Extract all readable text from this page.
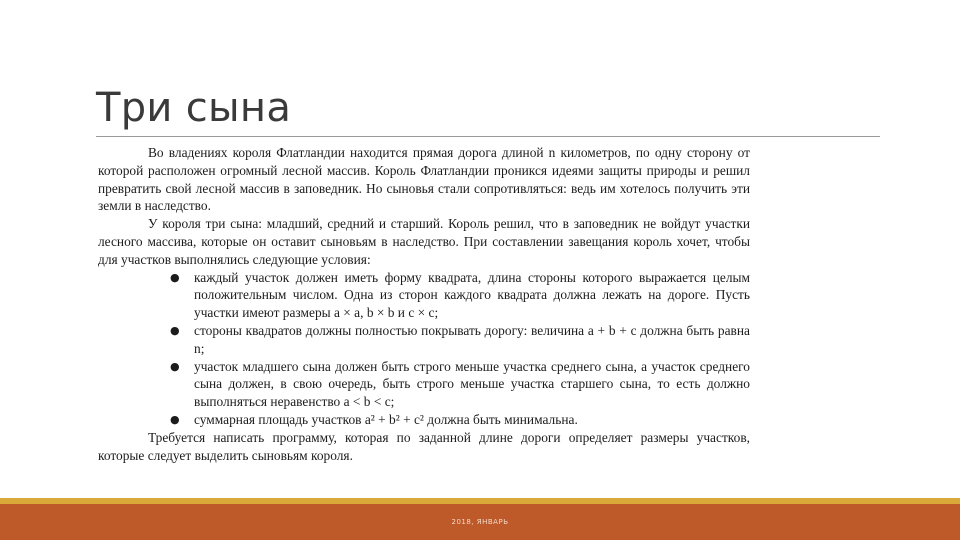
Три сына

Во владениях короля Флатландии находится прямая дорога длиной n километров, по одну сторону от которой расположен огромный лесной массив. Король Флатландии проникся идеями защиты природы и решил превратить свой лесной массив в заповедник. Но сыновья стали сопротивляться: ведь им хотелось получить эти земли в наследство.

У короля три сына: младший, средний и старший. Король решил, что в заповедник не войдут участки лесного массива, которые он оставит сыновьям в наследство. При составлении завещания король хочет, чтобы для участков выполнялись следующие условия:

● каждый участок должен иметь форму квадрата, длина стороны которого выражается целым положительным числом. Одна из сторон каждого квадрата должна лежать на дороге. Пусть участки имеют размеры a × a, b × b и c × c;
● стороны квадратов должны полностью покрывать дорогу: величина a + b + c должна быть равна n;
● участок младшего сына должен быть строго меньше участка среднего сына, а участок среднего сына должен, в свою очередь, быть строго меньше участка старшего сына, то есть должно выполняться неравенство a < b < c;
● суммарная площадь участков a² + b² + c² должна быть минимальна.

Требуется написать программу, которая по заданной длине дороги определяет размеры участков, которые следует выделить сыновьям короля.

2018, ЯНВАРЬ
